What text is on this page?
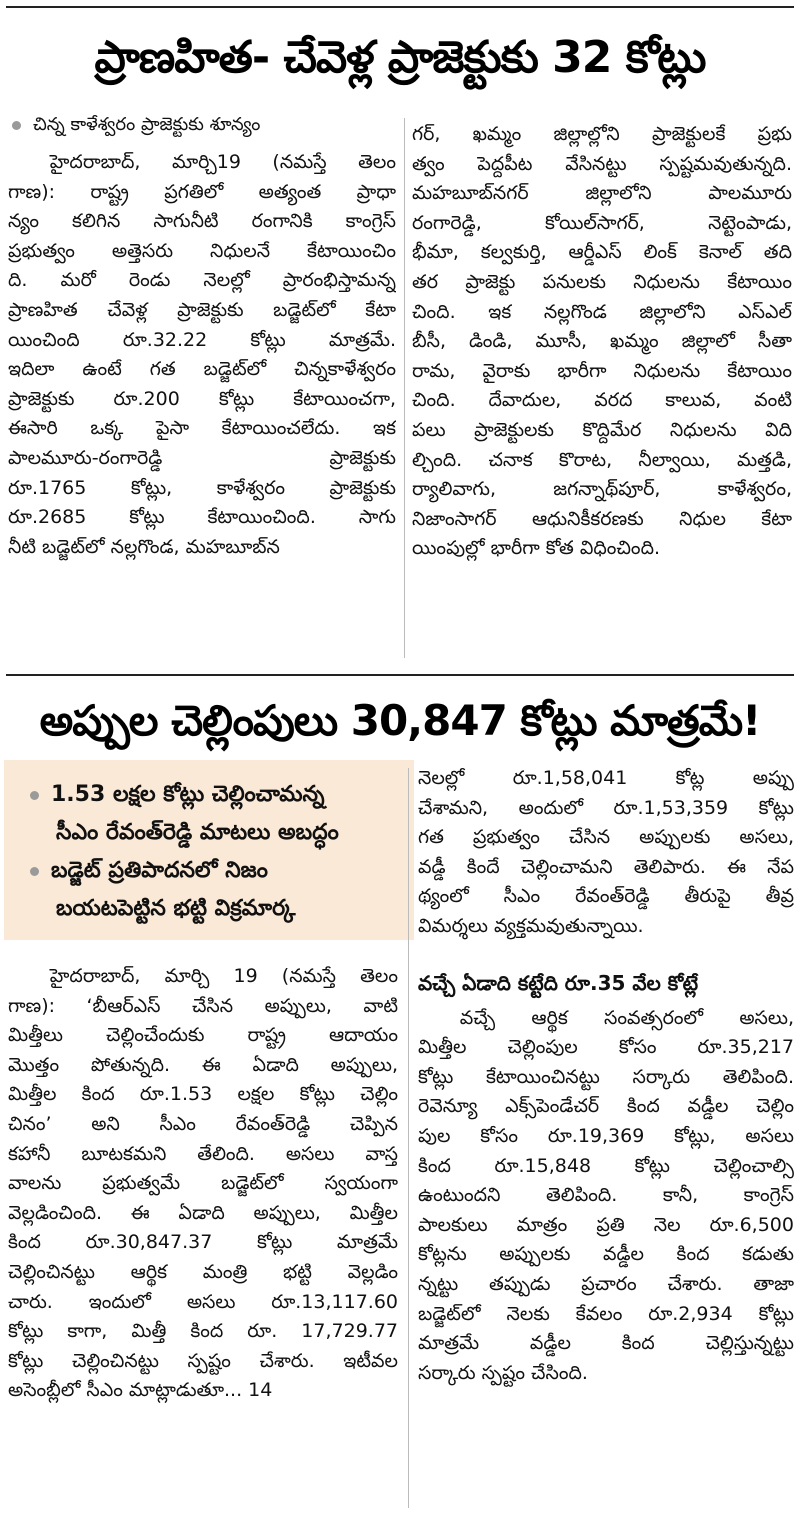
ప్రాణహిత- చేవెళ్ల ప్రాజెక్టుకు 32 కోట్లు
చిన్న కాళేశ్వరం ప్రాజెక్టుకు శూన్యం
హైదరాబాద్, మార్చి19 (నమస్తే తెలం
గాణ): రాష్ట్ర ప్రగతిలో అత్యంత ప్రాధా
న్యం కలిగిన సాగునీటి రంగానికి కాంగ్రెస్
ప్రభుత్వం అత్తెసరు నిధులనే కేటాయించిం
ది. మరో రెండు నెలల్లో ప్రారంభిస్తామన్న
ప్రాణహిత చేవెళ్ల ప్రాజెక్టుకు బడ్జెట్‌లో కేటా
యించింది రూ.32.22 కోట్లు మాత్రమే.
ఇదిలా ఉంటే గత బడ్జెట్‌లో చిన్నకాళేశ్వరం
ప్రాజెక్టుకు రూ.200 కోట్లు కేటాయించగా,
ఈసారి ఒక్క పైసా కేటాయించలేదు. ఇక
పాలమూరు-రంగారెడ్డి ప్రాజెక్టుకు
రూ.1765 కోట్లు, కాళేశ్వరం ప్రాజెక్టుకు
రూ.2685 కోట్లు కేటాయించింది. సాగు
నీటి బడ్జెట్‌లో నల్లగొండ, మహబూబ్‌న
గర్, ఖమ్మం జిల్లాల్లోని ప్రాజెక్టులకే ప్రభు
త్వం పెద్దపీట వేసినట్టు స్పష్టమవుతున్నది.
మహబూబ్‌నగర్ జిల్లాలోని పాలమూరు
రంగారెడ్డి, కోయిల్‌సాగర్, నెట్టెంపాడు,
భీమా, కల్వకుర్తి, ఆర్డీఎస్ లింక్ కెనాల్ తది
తర ప్రాజెక్టు పనులకు నిధులను కేటాయిం
చింది. ఇక నల్లగొండ జిల్లాలోని ఎస్‌ఎల్
బీసీ, డిండి, మూసీ, ఖమ్మం జిల్లాలో సీతా
రామ, వైరాకు భారీగా నిధులను కేటాయిం
చింది. దేవాదుల, వరద కాలువ, వంటి
పలు ప్రాజెక్టులకు కొద్దిమేర నిధులను విది
ల్చింది. చనాక కొరాట, నీల్వాయి, మత్తడి,
ర్యాలివాగు, జగన్నాథ్‌పూర్, కాళేశ్వరం,
నిజాంసాగర్ ఆధునికీకరణకు నిధుల కేటా
యింపుల్లో భారీగా కోత విధించింది.
అప్పుల చెల్లింపులు 30,847 కోట్లు మాత్రమే!
1.53 లక్షల కోట్లు చెల్లించామన్న
సీఎం రేవంత్‌రెడ్డి మాటలు అబద్ధం
బడ్జెట్ ప్రతిపాదనలో నిజం
బయటపెట్టిన భట్టి విక్రమార్క
హైదరాబాద్, మార్చి 19 (నమస్తే తెలం
గాణ): ‘బీఆర్‌ఎస్ చేసిన అప్పులు, వాటి
మిత్తీలు చెల్లించేందుకు రాష్ట్ర ఆదాయం
మొత్తం పోతున్నది. ఈ ఏడాది అప్పులు,
మిత్తీల కింద రూ.1.53 లక్షల కోట్లు చెల్లిం
చినం’ అని సీఎం రేవంత్‌రెడ్డి చెప్పిన
కహానీ బూటకమని తేలింది. అసలు వాస్త
వాలను ప్రభుత్వమే బడ్జెట్‌లో స్వయంగా
వెల్లడించింది. ఈ ఏడాది అప్పులు, మిత్తీల
కింద రూ.30,847.37 కోట్లు మాత్రమే
చెల్లించినట్టు ఆర్థిక మంత్రి భట్టి వెల్లడిం
చారు. ఇందులో అసలు రూ.13,117.60
కోట్లు కాగా, మిత్తీ కింద రూ. 17,729.77
కోట్లు చెల్లించినట్టు స్పష్టం చేశారు. ఇటీవల
అసెంబ్లీలో సీఎం మాట్లాడుతూ... 14
నెలల్లో రూ.1,58,041 కోట్ల అప్పు
చేశామని, అందులో రూ.1,53,359 కోట్లు
గత ప్రభుత్వం చేసిన అప్పులకు అసలు,
వడ్డీ కిందే చెల్లించామని తెలిపారు. ఈ నేప
థ్యంలో సీఎం రేవంత్‌రెడ్డి తీరుపై తీవ్ర
విమర్శలు వ్యక్తమవుతున్నాయి.
వచ్చే ఏడాది కట్టేది రూ.35 వేల కోట్లే
వచ్చే ఆర్థిక సంవత్సరంలో అసలు,
మిత్తీల చెల్లింపుల కోసం రూ.35,217
కోట్లు కేటాయించినట్టు సర్కారు తెలిపింది.
రెవెన్యూ ఎక్స్‌పెండేచర్ కింద వడ్డీల చెల్లిం
పుల కోసం రూ.19,369 కోట్లు, అసలు
కింద రూ.15,848 కోట్లు చెల్లించాల్సి
ఉంటుందని తెలిపింది. కానీ, కాంగ్రెస్
పాలకులు మాత్రం ప్రతి నెల రూ.6,500
కోట్లను అప్పులకు వడ్డీల కింద కడుతు
న్నట్టు తప్పుడు ప్రచారం చేశారు. తాజా
బడ్జెట్‌లో నెలకు కేవలం రూ.2,934 కోట్లు
మాత్రమే వడ్డీల కింద చెల్లిస్తున్నట్టు
సర్కారు స్పష్టం చేసింది.
